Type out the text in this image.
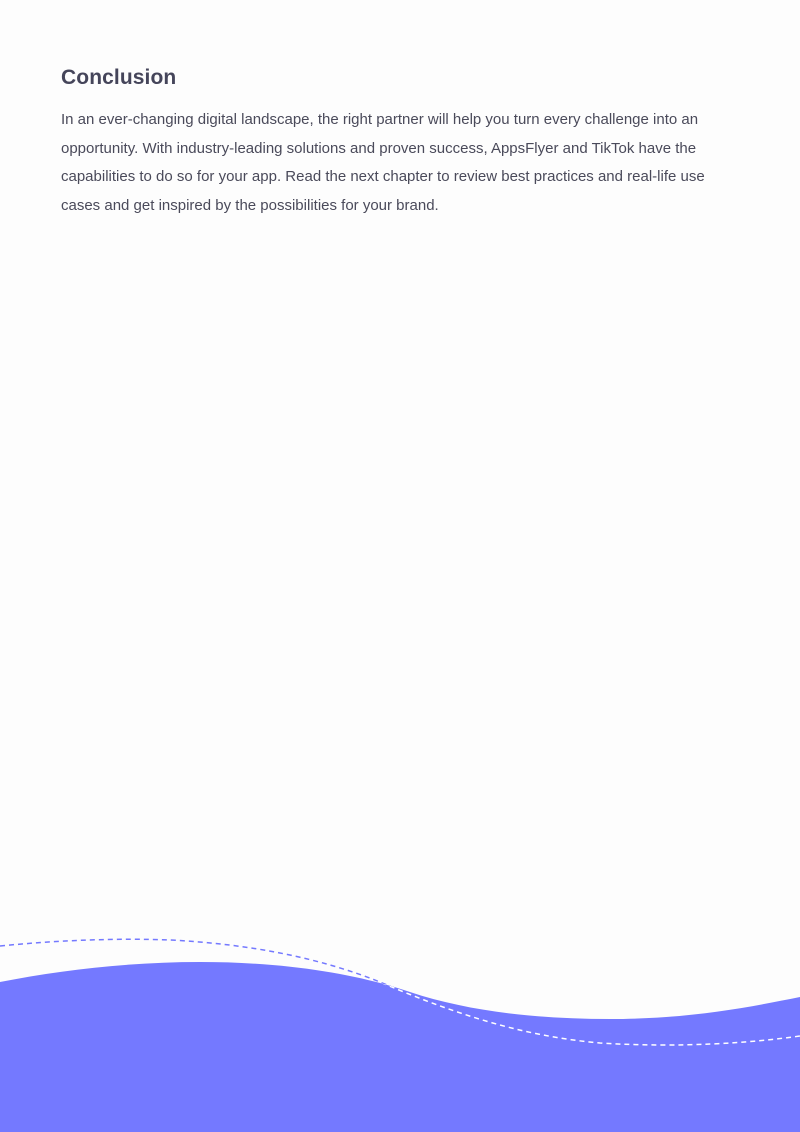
Conclusion

In an ever-changing digital landscape, the right partner will help you turn every challenge into an opportunity. With industry-leading solutions and proven success, AppsFlyer and TikTok have the capabilities to do so for your app. Read the next chapter to review best practices and real-life use cases and get inspired by the possibilities for your brand.
